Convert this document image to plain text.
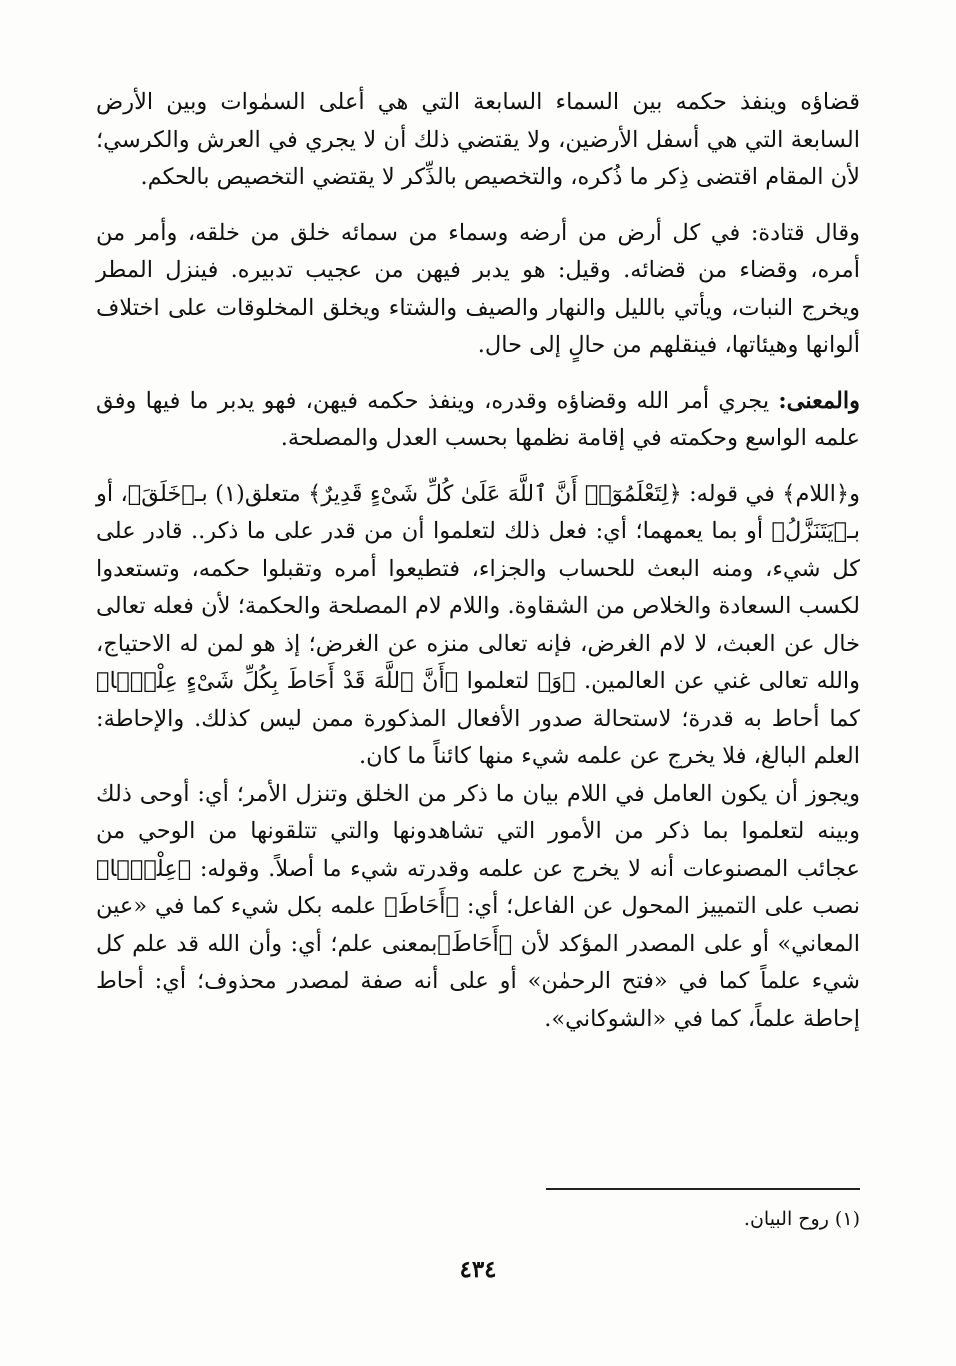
قضاؤه وينفذ حكمه بين السماء السابعة التي هي أعلى السمٰوات وبين الأرض السابعة التي هي أسفل الأرضين، ولا يقتضي ذلك أن لا يجري في العرش والكرسي؛ لأن المقام اقتضى ذِكر ما ذُكره، والتخصيص بالذِّكر لا يقتضي التخصيص بالحكم.

وقال قتادة: في كل أرض من أرضه وسماء من سمائه خلق من خلقه، وأمر من أمره، وقضاء من قضائه. وقيل: هو يدبر فيهن من عجيب تدبيره. فينزل المطر ويخرج النبات، ويأتي بالليل والنهار والصيف والشتاء ويخلق المخلوقات على اختلاف ألوانها وهيئاتها، فينقلهم من حالٍ إلى حال.

والمعنى: يجري أمر الله وقضاؤه وقدره، وينفذ حكمه فيهن، فهو يدبر ما فيها وفق علمه الواسع وحكمته في إقامة نظمها بحسب العدل والمصلحة.

و﴿اللام﴾ في قوله: ﴿لِتَعْلَمُوٓا۟ أَنَّ ٱللَّهَ عَلَىٰ كُلِّ شَىْءٍ قَدِيرٌ﴾ متعلق(١) بـ﴿خَلَقَ﴾، أو بـ﴿يَتَنَزَّلُ﴾ أو بما يعمهما؛ أي: فعل ذلك لتعلموا أن من قدر على ما ذكر.. قادر على كل شيء، ومنه البعث للحساب والجزاء، فتطيعوا أمره وتقبلوا حكمه، وتستعدوا لكسب السعادة والخلاص من الشقاوة. واللام لام المصلحة والحكمة؛ لأن فعله تعالى خال عن العبث، لا لام الغرض، فإنه تعالى منزه عن الغرض؛ إذ هو لمن له الاحتياج، والله تعالى غني عن العالمين. ﴿وَ﴾ لتعلموا ﴿أَنَّ ٱللَّهَ قَدْ أَحَاطَ بِكُلِّ شَىْءٍ عِلْمًۢا﴾ كما أحاط به قدرة؛ لاستحالة صدور الأفعال المذكورة ممن ليس كذلك. والإحاطة: العلم البالغ، فلا يخرج عن علمه شيء منها كائناً ما كان.

ويجوز أن يكون العامل في اللام بيان ما ذكر من الخلق وتنزل الأمر؛ أي: أوحى ذلك وبينه لتعلموا بما ذكر من الأمور التي تشاهدونها والتي تتلقونها من الوحي من عجائب المصنوعات أنه لا يخرج عن علمه وقدرته شيء ما أصلاً. وقوله: ﴿عِلْمًۢا﴾ نصب على التمييز المحول عن الفاعل؛ أي: ﴿أَحَاطَ﴾ علمه بكل شيء كما في «عين المعاني» أو على المصدر المؤكد لأن ﴿أَحَاطَ﴾بمعنى علم؛ أي: وأن الله قد علم كل شيء علماً كما في «فتح الرحمٰن» أو على أنه صفة لمصدر محذوف؛ أي: أحاط إحاطة علماً، كما في «الشوكاني».

(١) روح البيان.
٤٣٤
